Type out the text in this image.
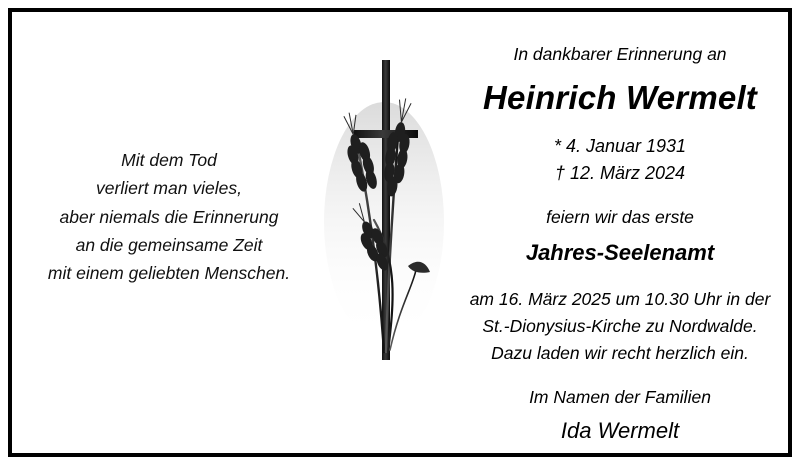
Mit dem Tod
verliert man vieles,
aber niemals die Erinnerung
an die gemeinsame Zeit
mit einem geliebten Menschen.
In dankbarer Erinnerung an
Heinrich Wermelt
* 4. Januar 1931
† 12. März 2024
feiern wir das erste
Jahres-Seelenamt
am 16. März 2025 um 10.30 Uhr in der
St.-Dionysius-Kirche zu Nordwalde.
Dazu laden wir recht herzlich ein.
Im Namen der Familien
Ida Wermelt
